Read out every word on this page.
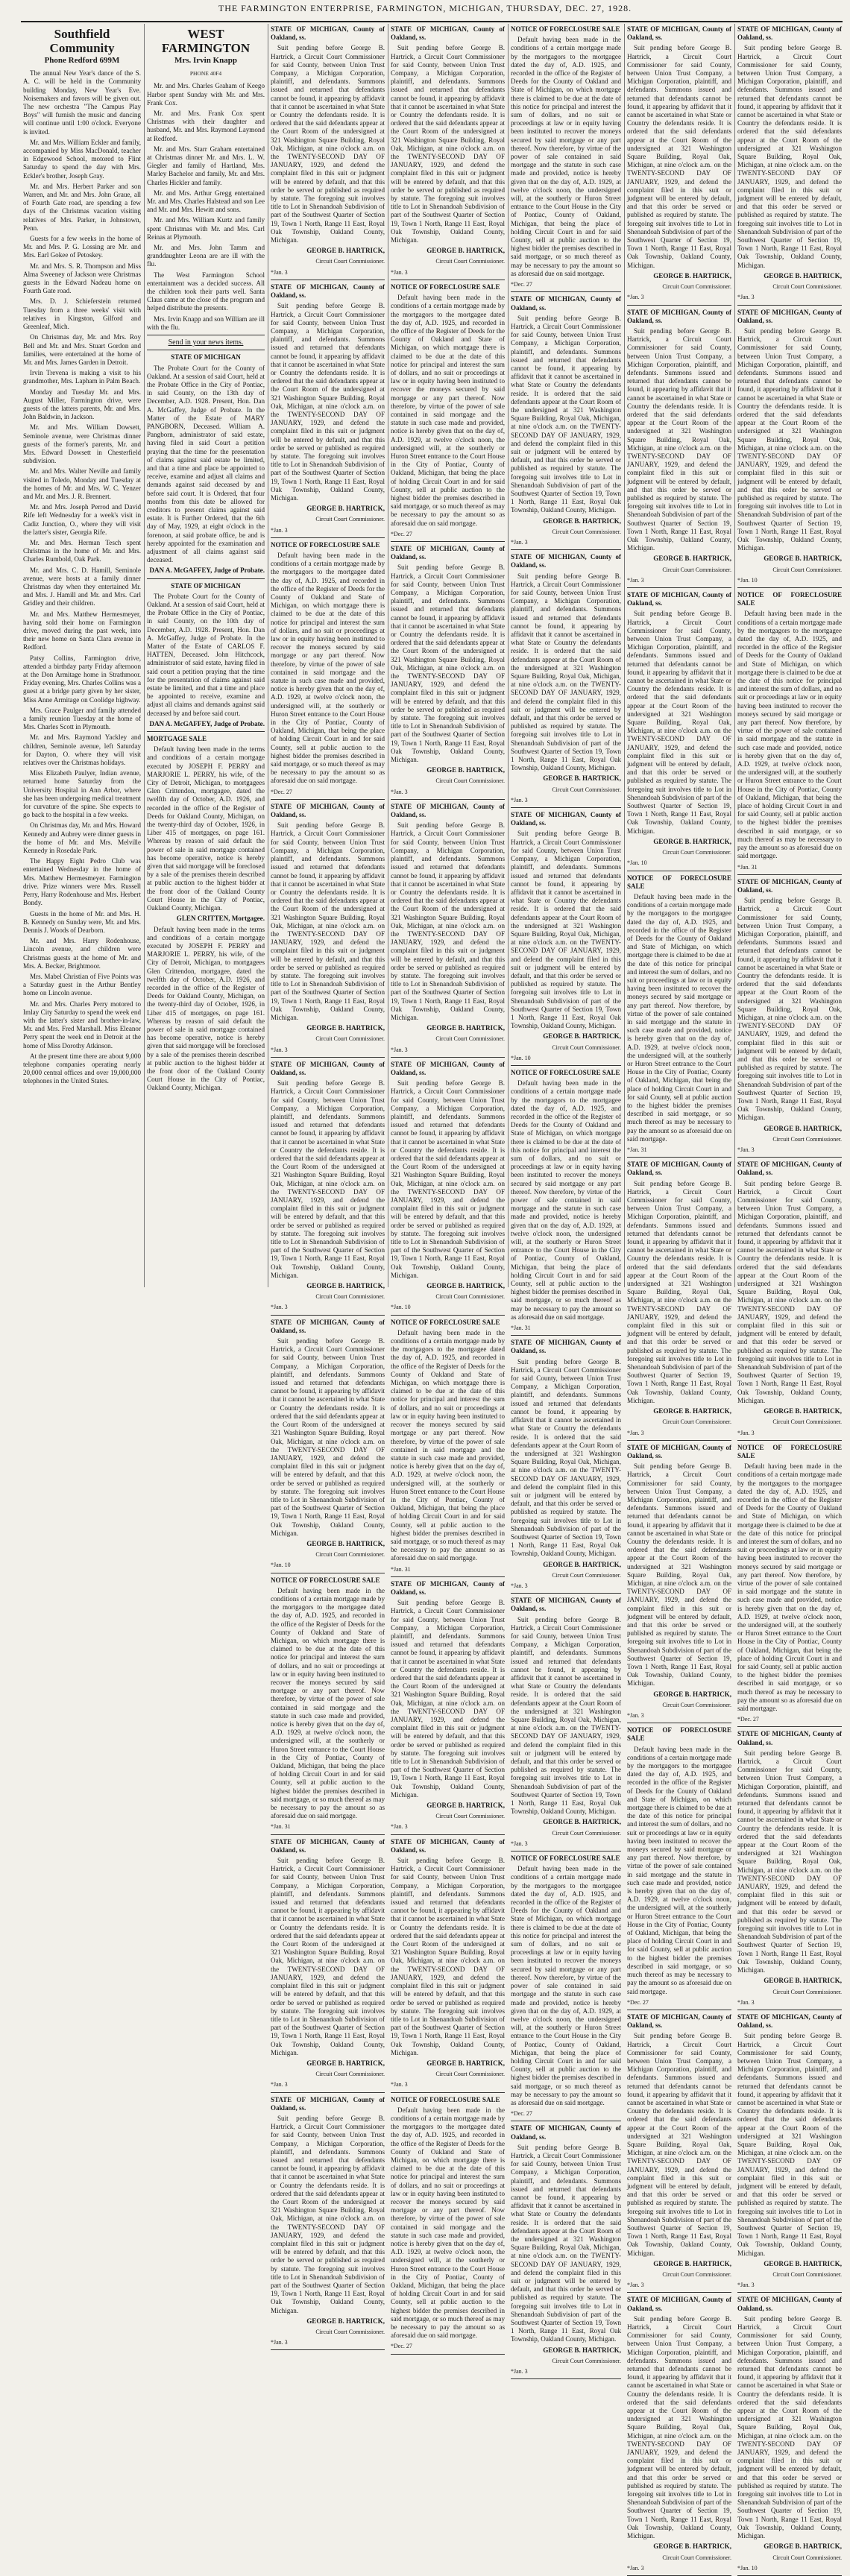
THE FARMINGTON ENTERPRISE, FARMINGTON, MICHIGAN, THURSDAY, DEC. 27, 1928.
Southfield Community
Phone Redford 699M

The annual New Year's dance of the S. A. C. will be held in the Community building Monday, New Year's Eve. Noisemakers and favors will be given out. The new orchestra "The Campus Play Boys" will furnish the music and dancing will continue until 1:00 o'clock. Everyone is invited.

Mr. and Mrs. William Eckler and family, accompanied by Miss MacDonald, teacher in Edgewood School, motored to Flint Saturday to spend the day with Mrs. Eckler's brother, Joseph Gray.

Mr. and Mrs. Herbert Parker and son Warren, and Mr. and Mrs. John Graue, all of Fourth Gate road, are spending a few days of the Christmas vacation visiting relatives of Mrs. Parker, in Johnstown, Penn.

Guests for a few weeks in the home of Mr. and Mrs. P. G. Lossing are Mr. and Mrs. Earl Gokee of Petoskey.

Mr. and Mrs. S. R. Thompson and Miss Alma Sweeney of Jackson were Christmas guests in the Edward Nadeau home on Fourth Gate road.

Mrs. D. J. Schieferstein returned Tuesday from a three weeks' visit with relatives in Kingston, Gilford and Greenleaf, Mich.

On Christmas day, Mr. and Mrs. Roy Bell and Mr. and Mrs. Stuart Gordon and families, were entertained at the home of Mr. and Mrs. James Garden in Detroit.

Irvin Trevena is making a visit to his grandmother, Mrs. Lapham in Palm Beach.

Monday and Tuesday Mr. and Mrs. August Miller, Farmington drive, were guests of the latters parents, Mr. and Mrs. John Baldwin, in Jackson.

Mr. and Mrs. William Dowsett, Seminole avenue, were Christmas dinner guests of the former's parents, Mr. and Mrs. Edward Dowsett in Chesterfield subdivision.

Mr. and Mrs. Walter Neville and family visited in Toledo, Monday and Tuesday at the homes of Mr. and Mrs. W. C. Yenzer and Mr. and Mrs. J. R. Brennert.

Mr. and Mrs. Joseph Perrod and David Rife left Wednesday for a week's visit in Cadiz Junction, O., where they will visit the latter's sister, Georgia Rife.

Mr. and Mrs. Herman Tesch spent Christmas in the home of Mr. and Mrs. Charles Rumbold, Oak Park.

Mr. and Mrs. C. D. Hamill, Seminole avenue, were hosts at a family dinner Christmas day when they entertained Mr. and Mrs. J. Hamill and Mr. and Mrs. Carl Gridley and their children.

Mr. and Mrs. Matthew Hermesmeyer, having sold their home on Farmington drive, moved during the past week, into their new home on Santa Clara avenue in Redford.

Patsy Collins, Farmington drive, attended a birthday party Friday afternoon at the Don Armitage home in Strathmoor. Friday evening, Mrs. Charles Collins was a guest at a bridge party given by her sister, Miss Anne Armitage on Coolidge highway.

Mrs. Grace Paulger and family attended a family reunion Tuesday at the home of Mrs. Charles Scott in Plymouth.

Mr. and Mrs. Raymond Yackley and children, Seminole avenue, left Saturday for Dayton, O. where they will visit relatives over the Christmas holidays.

Miss Elizabeth Paulyer, Indian avenue, returned home Saturday from the University Hospital in Ann Arbor, where she has been undergoing medical treatment for curvature of the spine. She expects to go back to the hospital in a few weeks.

On Christmas day, Mr. and Mrs. Howard Kennedy and Aubrey were dinner guests in the home of Mr. and Mrs. Melville Kennedy in Rosedale Park.

The Happy Eight Pedro Club was entertained Wednesday in the home of Mrs. Matthew Hermesmeyer. Farmington drive. Prize winners were Mrs. Russell Perry, Harry Rodenhouse and Mrs. Herbert Bondy.

Guests in the home of Mr. and Mrs. H. B. Kennedy on Sunday were, Mr. and Mrs. Dennis J. Woods of Dearborn.

Mr. and Mrs. Harry Rodenhouse, Lincoln avenue, and children were Christmas guests at the home of Mr. and Mrs. A. Becker, Brightmoor.

Mrs. Mabel Christian of Five Points was a Saturday guest in the Arthur Bentley home on Lincoln avenue.

Mr. and Mrs. Charles Perry motored to Imlay City Saturday to spend the week end with the latter's sister and brother-in-law, Mr. and Mrs. Fred Marshall. Miss Eleanor Perry spent the week end in Detroit at the home of Miss Dorothy Atkinson.

At the present time there are about 9,000 telephone companies operating nearly 20,000 central offices and over 19,000,000 telephones in the United States.

WEST FARMINGTON
Mrs. Irvin Knapp
PHONE 40F4

Mr. and Mrs. Charles Graham of Keego Harbor spent Sunday with Mr. and Mrs. Frank Cox.

Mr. and Mrs. Frank Cox spent Christmas with their daughter and husband, Mr. and Mrs. Raymond Laymond at Redford.

Mr. and Mrs. Starr Graham entertained at Christmas dinner Mr. and Mrs. L. W. Giegler and family of Hartland, Mrs. Marley Bachelor and family, Mr. and Mrs. Charles Hickler and family.

Mr. and Mrs. Arthur Gregg entertained Mr. and Mrs. Charles Halstead and son Lee and Mr. and Mrs. Hewitt and sons.

Mr. and Mrs. William Kurtz and family spent Christmas with Mr. and Mrs. Carl Reinas at Plymouth.

Mr. and Mrs. John Tamm and granddaughter Leona are are ill with the flu.

The West Farmington School entertainment was a decided success. All the children took their parts well. Santa Claus came at the close of the program and helped distribute the presents.

Mrs. Irvin Knapp and son William are ill with the flu.

Send in your news items.

STATE OF MICHIGAN

The Probate Court for the County of Oakland. At a session of said Court, held at the Probate Office in the City of Pontiac, in said County, on the 13th day of December, A.D. 1928. Present, Hon. Dan A. McGaffey, Judge of Probate. In the Matter of the Estate of MARY PANGBORN, Deceased. William A. Pangborn, administrator of said estate, having filed in said Court a petition praying that the time for the presentation of claims against said estate be limited, and that a time and place be appointed to receive, examine and adjust all claims and demands against said deceased by and before said court. It is Ordered, that four months from this date be allowed for creditors to present claims against said estate. It is Further Ordered, that the 6th day of May, 1929, at eight o'clock in the forenoon, at said probate office, be and is hereby appointed for the examination and adjustment of all claims against said deceased.

DAN A. McGAFFEY, Judge of Probate.

STATE OF MICHIGAN

The Probate Court for the County of Oakland. At a session of said Court, held at the Probate Office in the City of Pontiac, in said County, on the 10th day of December, A.D. 1928. Present, Hon. Dan A. McGaffey, Judge of Probate. In the Matter of the Estate of CARLOS F. HATTEN, Deceased. John Hitchcock, administrator of said estate, having filed in said court a petition praying that the time for the presentation of claims against said estate be limited, and that a time and place be appointed to receive, examine and adjust all claims and demands against said deceased by and before said court.

DAN A. McGAFFEY, Judge of Probate.

MORTGAGE SALE

Default having been made in the terms and conditions of a certain mortgage executed by JOSEPH F. PERRY and MARJORIE L. PERRY, his wife, of the City of Detroit, Michigan, to mortgagees Glen Crittendon, mortgagee, dated the twelfth day of October, A.D. 1926, and recorded in the office of the Register of Deeds for Oakland County, Michigan, on the twenty-third day of October, 1926, in Liber 415 of mortgages, on page 161. Whereas by reason of said default the power of sale in said mortgage contained has become operative, notice is hereby given that said mortgage will be foreclosed by a sale of the premises therein described at public auction to the highest bidder at the front door of the Oakland County Court House in the City of Pontiac, Oakland County, Michigan.

GLEN CRITTEN, Mortgagee.

Default having been made in the terms and conditions of a certain mortgage executed by JOSEPH F. PERRY and MARJORIE L. PERRY, his wife, of the City of Detroit, Michigan, to mortgagees Glen Crittendon, mortgagee, dated the twelfth day of October, A.D. 1926, and recorded in the office of the Register of Deeds for Oakland County, Michigan, on the twenty-third day of October, 1926, in Liber 415 of mortgages, on page 161. Whereas by reason of said default the power of sale in said mortgage contained has become operative, notice is hereby given that said mortgage will be foreclosed by a sale of the premises therein described at public auction to the highest bidder at the front door of the Oakland County Court House in the City of Pontiac, Oakland County, Michigan.

STATE OF MICHIGAN, County of Oakland, ss.

Suit pending before George B. Hartrick, a Circuit Court Commissioner for said County, between Union Trust Company, a Michigan Corporation, plaintiff, and defendants. Summons issued and returned that defendants cannot be found, it appearing by affidavit that it cannot be ascertained in what State or Country the defendants reside. It is ordered that the said defendants appear at the Court Room of the undersigned at 321 Washington Square Building, Royal Oak, Michigan, at nine o'clock a.m. on the TWENTY-SECOND DAY OF JANUARY, 1929, and defend the complaint filed in this suit or judgment will be entered by default, and that this order be served or published as required by statute. The foregoing suit involves title to Lot in Shenandoah Subdivision of part of the Southwest Quarter of Section 19, Town 1 North, Range 11 East, Royal Oak Township, Oakland County, Michigan.

GEORGE B. HARTRICK,

Circuit Court Commissioner.

*Jan. 3

STATE OF MICHIGAN, County of Oakland, ss.

Suit pending before George B. Hartrick, a Circuit Court Commissioner for said County, between Union Trust Company, a Michigan Corporation, plaintiff, and defendants. Summons issued and returned that defendants cannot be found, it appearing by affidavit that it cannot be ascertained in what State or Country the defendants reside. It is ordered that the said defendants appear at the Court Room of the undersigned at 321 Washington Square Building, Royal Oak, Michigan, at nine o'clock a.m. on the TWENTY-SECOND DAY OF JANUARY, 1929, and defend the complaint filed in this suit or judgment will be entered by default, and that this order be served or published as required by statute. The foregoing suit involves title to Lot in Shenandoah Subdivision of part of the Southwest Quarter of Section 19, Town 1 North, Range 11 East, Royal Oak Township, Oakland County, Michigan.

GEORGE B. HARTRICK,

Circuit Court Commissioner.

*Jan. 3

NOTICE OF FORECLOSURE SALE

Default having been made in the conditions of a certain mortgage made by the mortgagors to the mortgagee dated the day of, A.D. 1925, and recorded in the office of the Register of Deeds for the County of Oakland and State of Michigan, on which mortgage there is claimed to be due at the date of this notice for principal and interest the sum of dollars, and no suit or proceedings at law or in equity having been instituted to recover the moneys secured by said mortgage or any part thereof. Now therefore, by virtue of the power of sale contained in said mortgage and the statute in such case made and provided, notice is hereby given that on the day of, A.D. 1929, at twelve o'clock noon, the undersigned will, at the southerly or Huron Street entrance to the Court House in the City of Pontiac, County of Oakland, Michigan, that being the place of holding Circuit Court in and for said County, sell at public auction to the highest bidder the premises described in said mortgage, or so much thereof as may be necessary to pay the amount so as aforesaid due on said mortgage.

*Dec. 27

STATE OF MICHIGAN, County of Oakland, ss.

Suit pending before George B. Hartrick, a Circuit Court Commissioner for said County, between Union Trust Company, a Michigan Corporation, plaintiff, and defendants. Summons issued and returned that defendants cannot be found, it appearing by affidavit that it cannot be ascertained in what State or Country the defendants reside. It is ordered that the said defendants appear at the Court Room of the undersigned at 321 Washington Square Building, Royal Oak, Michigan, at nine o'clock a.m. on the TWENTY-SECOND DAY OF JANUARY, 1929, and defend the complaint filed in this suit or judgment will be entered by default, and that this order be served or published as required by statute. The foregoing suit involves title to Lot in Shenandoah Subdivision of part of the Southwest Quarter of Section 19, Town 1 North, Range 11 East, Royal Oak Township, Oakland County, Michigan.

GEORGE B. HARTRICK,

Circuit Court Commissioner.

*Jan. 3

STATE OF MICHIGAN, County of Oakland, ss.

Suit pending before George B. Hartrick, a Circuit Court Commissioner for said County, between Union Trust Company, a Michigan Corporation, plaintiff, and defendants. Summons issued and returned that defendants cannot be found, it appearing by affidavit that it cannot be ascertained in what State or Country the defendants reside. It is ordered that the said defendants appear at the Court Room of the undersigned at 321 Washington Square Building, Royal Oak, Michigan, at nine o'clock a.m. on the TWENTY-SECOND DAY OF JANUARY, 1929, and defend the complaint filed in this suit or judgment will be entered by default, and that this order be served or published as required by statute. The foregoing suit involves title to Lot in Shenandoah Subdivision of part of the Southwest Quarter of Section 19, Town 1 North, Range 11 East, Royal Oak Township, Oakland County, Michigan.

GEORGE B. HARTRICK,

Circuit Court Commissioner.

*Jan. 3

STATE OF MICHIGAN, County of Oakland, ss.

Suit pending before George B. Hartrick, a Circuit Court Commissioner for said County, between Union Trust Company, a Michigan Corporation, plaintiff, and defendants. Summons issued and returned that defendants cannot be found, it appearing by affidavit that it cannot be ascertained in what State or Country the defendants reside. It is ordered that the said defendants appear at the Court Room of the undersigned at 321 Washington Square Building, Royal Oak, Michigan, at nine o'clock a.m. on the TWENTY-SECOND DAY OF JANUARY, 1929, and defend the complaint filed in this suit or judgment will be entered by default, and that this order be served or published as required by statute. The foregoing suit involves title to Lot in Shenandoah Subdivision of part of the Southwest Quarter of Section 19, Town 1 North, Range 11 East, Royal Oak Township, Oakland County, Michigan.

GEORGE B. HARTRICK,

Circuit Court Commissioner.

*Jan. 10

NOTICE OF FORECLOSURE SALE

Default having been made in the conditions of a certain mortgage made by the mortgagors to the mortgagee dated the day of, A.D. 1925, and recorded in the office of the Register of Deeds for the County of Oakland and State of Michigan, on which mortgage there is claimed to be due at the date of this notice for principal and interest the sum of dollars, and no suit or proceedings at law or in equity having been instituted to recover the moneys secured by said mortgage or any part thereof. Now therefore, by virtue of the power of sale contained in said mortgage and the statute in such case made and provided, notice is hereby given that on the day of, A.D. 1929, at twelve o'clock noon, the undersigned will, at the southerly or Huron Street entrance to the Court House in the City of Pontiac, County of Oakland, Michigan, that being the place of holding Circuit Court in and for said County, sell at public auction to the highest bidder the premises described in said mortgage, or so much thereof as may be necessary to pay the amount so as aforesaid due on said mortgage.

*Jan. 31

STATE OF MICHIGAN, County of Oakland, ss.

Suit pending before George B. Hartrick, a Circuit Court Commissioner for said County, between Union Trust Company, a Michigan Corporation, plaintiff, and defendants. Summons issued and returned that defendants cannot be found, it appearing by affidavit that it cannot be ascertained in what State or Country the defendants reside. It is ordered that the said defendants appear at the Court Room of the undersigned at 321 Washington Square Building, Royal Oak, Michigan, at nine o'clock a.m. on the TWENTY-SECOND DAY OF JANUARY, 1929, and defend the complaint filed in this suit or judgment will be entered by default, and that this order be served or published as required by statute. The foregoing suit involves title to Lot in Shenandoah Subdivision of part of the Southwest Quarter of Section 19, Town 1 North, Range 11 East, Royal Oak Township, Oakland County, Michigan.

GEORGE B. HARTRICK,

Circuit Court Commissioner.

*Jan. 3

STATE OF MICHIGAN, County of Oakland, ss.

Suit pending before George B. Hartrick, a Circuit Court Commissioner for said County, between Union Trust Company, a Michigan Corporation, plaintiff, and defendants. Summons issued and returned that defendants cannot be found, it appearing by affidavit that it cannot be ascertained in what State or Country the defendants reside. It is ordered that the said defendants appear at the Court Room of the undersigned at 321 Washington Square Building, Royal Oak, Michigan, at nine o'clock a.m. on the TWENTY-SECOND DAY OF JANUARY, 1929, and defend the complaint filed in this suit or judgment will be entered by default, and that this order be served or published as required by statute. The foregoing suit involves title to Lot in Shenandoah Subdivision of part of the Southwest Quarter of Section 19, Town 1 North, Range 11 East, Royal Oak Township, Oakland County, Michigan.

GEORGE B. HARTRICK,

Circuit Court Commissioner.

*Jan. 3

STATE OF MICHIGAN, County of Oakland, ss.

Suit pending before George B. Hartrick, a Circuit Court Commissioner for said County, between Union Trust Company, a Michigan Corporation, plaintiff, and defendants. Summons issued and returned that defendants cannot be found, it appearing by affidavit that it cannot be ascertained in what State or Country the defendants reside. It is ordered that the said defendants appear at the Court Room of the undersigned at 321 Washington Square Building, Royal Oak, Michigan, at nine o'clock a.m. on the TWENTY-SECOND DAY OF JANUARY, 1929, and defend the complaint filed in this suit or judgment will be entered by default, and that this order be served or published as required by statute. The foregoing suit involves title to Lot in Shenandoah Subdivision of part of the Southwest Quarter of Section 19, Town 1 North, Range 11 East, Royal Oak Township, Oakland County, Michigan.

GEORGE B. HARTRICK,

Circuit Court Commissioner.

*Jan. 3

NOTICE OF FORECLOSURE SALE

Default having been made in the conditions of a certain mortgage made by the mortgagors to the mortgagee dated the day of, A.D. 1925, and recorded in the office of the Register of Deeds for the County of Oakland and State of Michigan, on which mortgage there is claimed to be due at the date of this notice for principal and interest the sum of dollars, and no suit or proceedings at law or in equity having been instituted to recover the moneys secured by said mortgage or any part thereof. Now therefore, by virtue of the power of sale contained in said mortgage and the statute in such case made and provided, notice is hereby given that on the day of, A.D. 1929, at twelve o'clock noon, the undersigned will, at the southerly or Huron Street entrance to the Court House in the City of Pontiac, County of Oakland, Michigan, that being the place of holding Circuit Court in and for said County, sell at public auction to the highest bidder the premises described in said mortgage, or so much thereof as may be necessary to pay the amount so as aforesaid due on said mortgage.

*Dec. 27

STATE OF MICHIGAN, County of Oakland, ss.

Suit pending before George B. Hartrick, a Circuit Court Commissioner for said County, between Union Trust Company, a Michigan Corporation, plaintiff, and defendants. Summons issued and returned that defendants cannot be found, it appearing by affidavit that it cannot be ascertained in what State or Country the defendants reside. It is ordered that the said defendants appear at the Court Room of the undersigned at 321 Washington Square Building, Royal Oak, Michigan, at nine o'clock a.m. on the TWENTY-SECOND DAY OF JANUARY, 1929, and defend the complaint filed in this suit or judgment will be entered by default, and that this order be served or published as required by statute. The foregoing suit involves title to Lot in Shenandoah Subdivision of part of the Southwest Quarter of Section 19, Town 1 North, Range 11 East, Royal Oak Township, Oakland County, Michigan.

GEORGE B. HARTRICK,

Circuit Court Commissioner.

*Jan. 3

STATE OF MICHIGAN, County of Oakland, ss.

Suit pending before George B. Hartrick, a Circuit Court Commissioner for said County, between Union Trust Company, a Michigan Corporation, plaintiff, and defendants. Summons issued and returned that defendants cannot be found, it appearing by affidavit that it cannot be ascertained in what State or Country the defendants reside. It is ordered that the said defendants appear at the Court Room of the undersigned at 321 Washington Square Building, Royal Oak, Michigan, at nine o'clock a.m. on the TWENTY-SECOND DAY OF JANUARY, 1929, and defend the complaint filed in this suit or judgment will be entered by default, and that this order be served or published as required by statute. The foregoing suit involves title to Lot in Shenandoah Subdivision of part of the Southwest Quarter of Section 19, Town 1 North, Range 11 East, Royal Oak Township, Oakland County, Michigan.

GEORGE B. HARTRICK,

Circuit Court Commissioner.

*Jan. 3

STATE OF MICHIGAN, County of Oakland, ss.

Suit pending before George B. Hartrick, a Circuit Court Commissioner for said County, between Union Trust Company, a Michigan Corporation, plaintiff, and defendants. Summons issued and returned that defendants cannot be found, it appearing by affidavit that it cannot be ascertained in what State or Country the defendants reside. It is ordered that the said defendants appear at the Court Room of the undersigned at 321 Washington Square Building, Royal Oak, Michigan, at nine o'clock a.m. on the TWENTY-SECOND DAY OF JANUARY, 1929, and defend the complaint filed in this suit or judgment will be entered by default, and that this order be served or published as required by statute. The foregoing suit involves title to Lot in Shenandoah Subdivision of part of the Southwest Quarter of Section 19, Town 1 North, Range 11 East, Royal Oak Township, Oakland County, Michigan.

GEORGE B. HARTRICK,

Circuit Court Commissioner.

*Jan. 10

NOTICE OF FORECLOSURE SALE

Default having been made in the conditions of a certain mortgage made by the mortgagors to the mortgagee dated the day of, A.D. 1925, and recorded in the office of the Register of Deeds for the County of Oakland and State of Michigan, on which mortgage there is claimed to be due at the date of this notice for principal and interest the sum of dollars, and no suit or proceedings at law or in equity having been instituted to recover the moneys secured by said mortgage or any part thereof. Now therefore, by virtue of the power of sale contained in said mortgage and the statute in such case made and provided, notice is hereby given that on the day of, A.D. 1929, at twelve o'clock noon, the undersigned will, at the southerly or Huron Street entrance to the Court House in the City of Pontiac, County of Oakland, Michigan, that being the place of holding Circuit Court in and for said County, sell at public auction to the highest bidder the premises described in said mortgage, or so much thereof as may be necessary to pay the amount so as aforesaid due on said mortgage.

*Jan. 31

STATE OF MICHIGAN, County of Oakland, ss.

Suit pending before George B. Hartrick, a Circuit Court Commissioner for said County, between Union Trust Company, a Michigan Corporation, plaintiff, and defendants. Summons issued and returned that defendants cannot be found, it appearing by affidavit that it cannot be ascertained in what State or Country the defendants reside. It is ordered that the said defendants appear at the Court Room of the undersigned at 321 Washington Square Building, Royal Oak, Michigan, at nine o'clock a.m. on the TWENTY-SECOND DAY OF JANUARY, 1929, and defend the complaint filed in this suit or judgment will be entered by default, and that this order be served or published as required by statute. The foregoing suit involves title to Lot in Shenandoah Subdivision of part of the Southwest Quarter of Section 19, Town 1 North, Range 11 East, Royal Oak Township, Oakland County, Michigan.

GEORGE B. HARTRICK,

Circuit Court Commissioner.

*Jan. 3

STATE OF MICHIGAN, County of Oakland, ss.

Suit pending before George B. Hartrick, a Circuit Court Commissioner for said County, between Union Trust Company, a Michigan Corporation, plaintiff, and defendants. Summons issued and returned that defendants cannot be found, it appearing by affidavit that it cannot be ascertained in what State or Country the defendants reside. It is ordered that the said defendants appear at the Court Room of the undersigned at 321 Washington Square Building, Royal Oak, Michigan, at nine o'clock a.m. on the TWENTY-SECOND DAY OF JANUARY, 1929, and defend the complaint filed in this suit or judgment will be entered by default, and that this order be served or published as required by statute. The foregoing suit involves title to Lot in Shenandoah Subdivision of part of the Southwest Quarter of Section 19, Town 1 North, Range 11 East, Royal Oak Township, Oakland County, Michigan.

GEORGE B. HARTRICK,

Circuit Court Commissioner.

*Jan. 3

NOTICE OF FORECLOSURE SALE

Default having been made in the conditions of a certain mortgage made by the mortgagors to the mortgagee dated the day of, A.D. 1925, and recorded in the office of the Register of Deeds for the County of Oakland and State of Michigan, on which mortgage there is claimed to be due at the date of this notice for principal and interest the sum of dollars, and no suit or proceedings at law or in equity having been instituted to recover the moneys secured by said mortgage or any part thereof. Now therefore, by virtue of the power of sale contained in said mortgage and the statute in such case made and provided, notice is hereby given that on the day of, A.D. 1929, at twelve o'clock noon, the undersigned will, at the southerly or Huron Street entrance to the Court House in the City of Pontiac, County of Oakland, Michigan, that being the place of holding Circuit Court in and for said County, sell at public auction to the highest bidder the premises described in said mortgage, or so much thereof as may be necessary to pay the amount so as aforesaid due on said mortgage.

*Dec. 27

NOTICE OF FORECLOSURE SALE

Default having been made in the conditions of a certain mortgage made by the mortgagors to the mortgagee dated the day of, A.D. 1925, and recorded in the office of the Register of Deeds for the County of Oakland and State of Michigan, on which mortgage there is claimed to be due at the date of this notice for principal and interest the sum of dollars, and no suit or proceedings at law or in equity having been instituted to recover the moneys secured by said mortgage or any part thereof. Now therefore, by virtue of the power of sale contained in said mortgage and the statute in such case made and provided, notice is hereby given that on the day of, A.D. 1929, at twelve o'clock noon, the undersigned will, at the southerly or Huron Street entrance to the Court House in the City of Pontiac, County of Oakland, Michigan, that being the place of holding Circuit Court in and for said County, sell at public auction to the highest bidder the premises described in said mortgage, or so much thereof as may be necessary to pay the amount so as aforesaid due on said mortgage.

*Dec. 27

STATE OF MICHIGAN, County of Oakland, ss.

Suit pending before George B. Hartrick, a Circuit Court Commissioner for said County, between Union Trust Company, a Michigan Corporation, plaintiff, and defendants. Summons issued and returned that defendants cannot be found, it appearing by affidavit that it cannot be ascertained in what State or Country the defendants reside. It is ordered that the said defendants appear at the Court Room of the undersigned at 321 Washington Square Building, Royal Oak, Michigan, at nine o'clock a.m. on the TWENTY-SECOND DAY OF JANUARY, 1929, and defend the complaint filed in this suit or judgment will be entered by default, and that this order be served or published as required by statute. The foregoing suit involves title to Lot in Shenandoah Subdivision of part of the Southwest Quarter of Section 19, Town 1 North, Range 11 East, Royal Oak Township, Oakland County, Michigan.

GEORGE B. HARTRICK,

Circuit Court Commissioner.

*Jan. 3

STATE OF MICHIGAN, County of Oakland, ss.

Suit pending before George B. Hartrick, a Circuit Court Commissioner for said County, between Union Trust Company, a Michigan Corporation, plaintiff, and defendants. Summons issued and returned that defendants cannot be found, it appearing by affidavit that it cannot be ascertained in what State or Country the defendants reside. It is ordered that the said defendants appear at the Court Room of the undersigned at 321 Washington Square Building, Royal Oak, Michigan, at nine o'clock a.m. on the TWENTY-SECOND DAY OF JANUARY, 1929, and defend the complaint filed in this suit or judgment will be entered by default, and that this order be served or published as required by statute. The foregoing suit involves title to Lot in Shenandoah Subdivision of part of the Southwest Quarter of Section 19, Town 1 North, Range 11 East, Royal Oak Township, Oakland County, Michigan.

GEORGE B. HARTRICK,

Circuit Court Commissioner.

*Jan. 3

STATE OF MICHIGAN, County of Oakland, ss.

Suit pending before George B. Hartrick, a Circuit Court Commissioner for said County, between Union Trust Company, a Michigan Corporation, plaintiff, and defendants. Summons issued and returned that defendants cannot be found, it appearing by affidavit that it cannot be ascertained in what State or Country the defendants reside. It is ordered that the said defendants appear at the Court Room of the undersigned at 321 Washington Square Building, Royal Oak, Michigan, at nine o'clock a.m. on the TWENTY-SECOND DAY OF JANUARY, 1929, and defend the complaint filed in this suit or judgment will be entered by default, and that this order be served or published as required by statute. The foregoing suit involves title to Lot in Shenandoah Subdivision of part of the Southwest Quarter of Section 19, Town 1 North, Range 11 East, Royal Oak Township, Oakland County, Michigan.

GEORGE B. HARTRICK,

Circuit Court Commissioner.

*Jan. 10

NOTICE OF FORECLOSURE SALE

Default having been made in the conditions of a certain mortgage made by the mortgagors to the mortgagee dated the day of, A.D. 1925, and recorded in the office of the Register of Deeds for the County of Oakland and State of Michigan, on which mortgage there is claimed to be due at the date of this notice for principal and interest the sum of dollars, and no suit or proceedings at law or in equity having been instituted to recover the moneys secured by said mortgage or any part thereof. Now therefore, by virtue of the power of sale contained in said mortgage and the statute in such case made and provided, notice is hereby given that on the day of, A.D. 1929, at twelve o'clock noon, the undersigned will, at the southerly or Huron Street entrance to the Court House in the City of Pontiac, County of Oakland, Michigan, that being the place of holding Circuit Court in and for said County, sell at public auction to the highest bidder the premises described in said mortgage, or so much thereof as may be necessary to pay the amount so as aforesaid due on said mortgage.

*Jan. 31

STATE OF MICHIGAN, County of Oakland, ss.

Suit pending before George B. Hartrick, a Circuit Court Commissioner for said County, between Union Trust Company, a Michigan Corporation, plaintiff, and defendants. Summons issued and returned that defendants cannot be found, it appearing by affidavit that it cannot be ascertained in what State or Country the defendants reside. It is ordered that the said defendants appear at the Court Room of the undersigned at 321 Washington Square Building, Royal Oak, Michigan, at nine o'clock a.m. on the TWENTY-SECOND DAY OF JANUARY, 1929, and defend the complaint filed in this suit or judgment will be entered by default, and that this order be served or published as required by statute. The foregoing suit involves title to Lot in Shenandoah Subdivision of part of the Southwest Quarter of Section 19, Town 1 North, Range 11 East, Royal Oak Township, Oakland County, Michigan.

GEORGE B. HARTRICK,

Circuit Court Commissioner.

*Jan. 3

STATE OF MICHIGAN, County of Oakland, ss.

Suit pending before George B. Hartrick, a Circuit Court Commissioner for said County, between Union Trust Company, a Michigan Corporation, plaintiff, and defendants. Summons issued and returned that defendants cannot be found, it appearing by affidavit that it cannot be ascertained in what State or Country the defendants reside. It is ordered that the said defendants appear at the Court Room of the undersigned at 321 Washington Square Building, Royal Oak, Michigan, at nine o'clock a.m. on the TWENTY-SECOND DAY OF JANUARY, 1929, and defend the complaint filed in this suit or judgment will be entered by default, and that this order be served or published as required by statute. The foregoing suit involves title to Lot in Shenandoah Subdivision of part of the Southwest Quarter of Section 19, Town 1 North, Range 11 East, Royal Oak Township, Oakland County, Michigan.

GEORGE B. HARTRICK,

Circuit Court Commissioner.

*Jan. 3

NOTICE OF FORECLOSURE SALE

Default having been made in the conditions of a certain mortgage made by the mortgagors to the mortgagee dated the day of, A.D. 1925, and recorded in the office of the Register of Deeds for the County of Oakland and State of Michigan, on which mortgage there is claimed to be due at the date of this notice for principal and interest the sum of dollars, and no suit or proceedings at law or in equity having been instituted to recover the moneys secured by said mortgage or any part thereof. Now therefore, by virtue of the power of sale contained in said mortgage and the statute in such case made and provided, notice is hereby given that on the day of, A.D. 1929, at twelve o'clock noon, the undersigned will, at the southerly or Huron Street entrance to the Court House in the City of Pontiac, County of Oakland, Michigan, that being the place of holding Circuit Court in and for said County, sell at public auction to the highest bidder the premises described in said mortgage, or so much thereof as may be necessary to pay the amount so as aforesaid due on said mortgage.

*Dec. 27

STATE OF MICHIGAN, County of Oakland, ss.

Suit pending before George B. Hartrick, a Circuit Court Commissioner for said County, between Union Trust Company, a Michigan Corporation, plaintiff, and defendants. Summons issued and returned that defendants cannot be found, it appearing by affidavit that it cannot be ascertained in what State or Country the defendants reside. It is ordered that the said defendants appear at the Court Room of the undersigned at 321 Washington Square Building, Royal Oak, Michigan, at nine o'clock a.m. on the TWENTY-SECOND DAY OF JANUARY, 1929, and defend the complaint filed in this suit or judgment will be entered by default, and that this order be served or published as required by statute. The foregoing suit involves title to Lot in Shenandoah Subdivision of part of the Southwest Quarter of Section 19, Town 1 North, Range 11 East, Royal Oak Township, Oakland County, Michigan.

GEORGE B. HARTRICK,

Circuit Court Commissioner.

*Jan. 3

STATE OF MICHIGAN, County of Oakland, ss.

Suit pending before George B. Hartrick, a Circuit Court Commissioner for said County, between Union Trust Company, a Michigan Corporation, plaintiff, and defendants. Summons issued and returned that defendants cannot be found, it appearing by affidavit that it cannot be ascertained in what State or Country the defendants reside. It is ordered that the said defendants appear at the Court Room of the undersigned at 321 Washington Square Building, Royal Oak, Michigan, at nine o'clock a.m. on the TWENTY-SECOND DAY OF JANUARY, 1929, and defend the complaint filed in this suit or judgment will be entered by default, and that this order be served or published as required by statute. The foregoing suit involves title to Lot in Shenandoah Subdivision of part of the Southwest Quarter of Section 19, Town 1 North, Range 11 East, Royal Oak Township, Oakland County, Michigan.

GEORGE B. HARTRICK,

Circuit Court Commissioner.

*Jan. 3

STATE OF MICHIGAN, County of Oakland, ss.

Suit pending before George B. Hartrick, a Circuit Court Commissioner for said County, between Union Trust Company, a Michigan Corporation, plaintiff, and defendants. Summons issued and returned that defendants cannot be found, it appearing by affidavit that it cannot be ascertained in what State or Country the defendants reside. It is ordered that the said defendants appear at the Court Room of the undersigned at 321 Washington Square Building, Royal Oak, Michigan, at nine o'clock a.m. on the TWENTY-SECOND DAY OF JANUARY, 1929, and defend the complaint filed in this suit or judgment will be entered by default, and that this order be served or published as required by statute. The foregoing suit involves title to Lot in Shenandoah Subdivision of part of the Southwest Quarter of Section 19, Town 1 North, Range 11 East, Royal Oak Township, Oakland County, Michigan.

GEORGE B. HARTRICK,

Circuit Court Commissioner.

*Jan. 3

STATE OF MICHIGAN, County of Oakland, ss.

Suit pending before George B. Hartrick, a Circuit Court Commissioner for said County, between Union Trust Company, a Michigan Corporation, plaintiff, and defendants. Summons issued and returned that defendants cannot be found, it appearing by affidavit that it cannot be ascertained in what State or Country the defendants reside. It is ordered that the said defendants appear at the Court Room of the undersigned at 321 Washington Square Building, Royal Oak, Michigan, at nine o'clock a.m. on the TWENTY-SECOND DAY OF JANUARY, 1929, and defend the complaint filed in this suit or judgment will be entered by default, and that this order be served or published as required by statute. The foregoing suit involves title to Lot in Shenandoah Subdivision of part of the Southwest Quarter of Section 19, Town 1 North, Range 11 East, Royal Oak Township, Oakland County, Michigan.

GEORGE B. HARTRICK,

Circuit Court Commissioner.

*Jan. 10

NOTICE OF FORECLOSURE SALE

Default having been made in the conditions of a certain mortgage made by the mortgagors to the mortgagee dated the day of, A.D. 1925, and recorded in the office of the Register of Deeds for the County of Oakland and State of Michigan, on which mortgage there is claimed to be due at the date of this notice for principal and interest the sum of dollars, and no suit or proceedings at law or in equity having been instituted to recover the moneys secured by said mortgage or any part thereof. Now therefore, by virtue of the power of sale contained in said mortgage and the statute in such case made and provided, notice is hereby given that on the day of, A.D. 1929, at twelve o'clock noon, the undersigned will, at the southerly or Huron Street entrance to the Court House in the City of Pontiac, County of Oakland, Michigan, that being the place of holding Circuit Court in and for said County, sell at public auction to the highest bidder the premises described in said mortgage, or so much thereof as may be necessary to pay the amount so as aforesaid due on said mortgage.

*Jan. 31

STATE OF MICHIGAN, County of Oakland, ss.

Suit pending before George B. Hartrick, a Circuit Court Commissioner for said County, between Union Trust Company, a Michigan Corporation, plaintiff, and defendants. Summons issued and returned that defendants cannot be found, it appearing by affidavit that it cannot be ascertained in what State or Country the defendants reside. It is ordered that the said defendants appear at the Court Room of the undersigned at 321 Washington Square Building, Royal Oak, Michigan, at nine o'clock a.m. on the TWENTY-SECOND DAY OF JANUARY, 1929, and defend the complaint filed in this suit or judgment will be entered by default, and that this order be served or published as required by statute. The foregoing suit involves title to Lot in Shenandoah Subdivision of part of the Southwest Quarter of Section 19, Town 1 North, Range 11 East, Royal Oak Township, Oakland County, Michigan.

GEORGE B. HARTRICK,

Circuit Court Commissioner.

*Jan. 3

STATE OF MICHIGAN, County of Oakland, ss.

Suit pending before George B. Hartrick, a Circuit Court Commissioner for said County, between Union Trust Company, a Michigan Corporation, plaintiff, and defendants. Summons issued and returned that defendants cannot be found, it appearing by affidavit that it cannot be ascertained in what State or Country the defendants reside. It is ordered that the said defendants appear at the Court Room of the undersigned at 321 Washington Square Building, Royal Oak, Michigan, at nine o'clock a.m. on the TWENTY-SECOND DAY OF JANUARY, 1929, and defend the complaint filed in this suit or judgment will be entered by default, and that this order be served or published as required by statute. The foregoing suit involves title to Lot in Shenandoah Subdivision of part of the Southwest Quarter of Section 19, Town 1 North, Range 11 East, Royal Oak Township, Oakland County, Michigan.

GEORGE B. HARTRICK,

Circuit Court Commissioner.

*Jan. 3

NOTICE OF FORECLOSURE SALE

Default having been made in the conditions of a certain mortgage made by the mortgagors to the mortgagee dated the day of, A.D. 1925, and recorded in the office of the Register of Deeds for the County of Oakland and State of Michigan, on which mortgage there is claimed to be due at the date of this notice for principal and interest the sum of dollars, and no suit or proceedings at law or in equity having been instituted to recover the moneys secured by said mortgage or any part thereof. Now therefore, by virtue of the power of sale contained in said mortgage and the statute in such case made and provided, notice is hereby given that on the day of, A.D. 1929, at twelve o'clock noon, the undersigned will, at the southerly or Huron Street entrance to the Court House in the City of Pontiac, County of Oakland, Michigan, that being the place of holding Circuit Court in and for said County, sell at public auction to the highest bidder the premises described in said mortgage, or so much thereof as may be necessary to pay the amount so as aforesaid due on said mortgage.

*Dec. 27

STATE OF MICHIGAN, County of Oakland, ss.

Suit pending before George B. Hartrick, a Circuit Court Commissioner for said County, between Union Trust Company, a Michigan Corporation, plaintiff, and defendants. Summons issued and returned that defendants cannot be found, it appearing by affidavit that it cannot be ascertained in what State or Country the defendants reside. It is ordered that the said defendants appear at the Court Room of the undersigned at 321 Washington Square Building, Royal Oak, Michigan, at nine o'clock a.m. on the TWENTY-SECOND DAY OF JANUARY, 1929, and defend the complaint filed in this suit or judgment will be entered by default, and that this order be served or published as required by statute. The foregoing suit involves title to Lot in Shenandoah Subdivision of part of the Southwest Quarter of Section 19, Town 1 North, Range 11 East, Royal Oak Township, Oakland County, Michigan.

GEORGE B. HARTRICK,

Circuit Court Commissioner.

*Jan. 3

STATE OF MICHIGAN, County of Oakland, ss.

Suit pending before George B. Hartrick, a Circuit Court Commissioner for said County, between Union Trust Company, a Michigan Corporation, plaintiff, and defendants. Summons issued and returned that defendants cannot be found, it appearing by affidavit that it cannot be ascertained in what State or Country the defendants reside. It is ordered that the said defendants appear at the Court Room of the undersigned at 321 Washington Square Building, Royal Oak, Michigan, at nine o'clock a.m. on the TWENTY-SECOND DAY OF JANUARY, 1929, and defend the complaint filed in this suit or judgment will be entered by default, and that this order be served or published as required by statute. The foregoing suit involves title to Lot in Shenandoah Subdivision of part of the Southwest Quarter of Section 19, Town 1 North, Range 11 East, Royal Oak Township, Oakland County, Michigan.

GEORGE B. HARTRICK,

Circuit Court Commissioner.

*Jan. 3

STATE OF MICHIGAN, County of Oakland, ss.

Suit pending before George B. Hartrick, a Circuit Court Commissioner for said County, between Union Trust Company, a Michigan Corporation, plaintiff, and defendants. Summons issued and returned that defendants cannot be found, it appearing by affidavit that it cannot be ascertained in what State or Country the defendants reside. It is ordered that the said defendants appear at the Court Room of the undersigned at 321 Washington Square Building, Royal Oak, Michigan, at nine o'clock a.m. on the TWENTY-SECOND DAY OF JANUARY, 1929, and defend the complaint filed in this suit or judgment will be entered by default, and that this order be served or published as required by statute. The foregoing suit involves title to Lot in Shenandoah Subdivision of part of the Southwest Quarter of Section 19, Town 1 North, Range 11 East, Royal Oak Township, Oakland County, Michigan.

GEORGE B. HARTRICK,

Circuit Court Commissioner.

*Jan. 3

STATE OF MICHIGAN, County of Oakland, ss.

Suit pending before George B. Hartrick, a Circuit Court Commissioner for said County, between Union Trust Company, a Michigan Corporation, plaintiff, and defendants. Summons issued and returned that defendants cannot be found, it appearing by affidavit that it cannot be ascertained in what State or Country the defendants reside. It is ordered that the said defendants appear at the Court Room of the undersigned at 321 Washington Square Building, Royal Oak, Michigan, at nine o'clock a.m. on the TWENTY-SECOND DAY OF JANUARY, 1929, and defend the complaint filed in this suit or judgment will be entered by default, and that this order be served or published as required by statute. The foregoing suit involves title to Lot in Shenandoah Subdivision of part of the Southwest Quarter of Section 19, Town 1 North, Range 11 East, Royal Oak Township, Oakland County, Michigan.

GEORGE B. HARTRICK,

Circuit Court Commissioner.

*Jan. 10

NOTICE OF FORECLOSURE SALE

Default having been made in the conditions of a certain mortgage made by the mortgagors to the mortgagee dated the day of, A.D. 1925, and recorded in the office of the Register of Deeds for the County of Oakland and State of Michigan, on which mortgage there is claimed to be due at the date of this notice for principal and interest the sum of dollars, and no suit or proceedings at law or in equity having been instituted to recover the moneys secured by said mortgage or any part thereof. Now therefore, by virtue of the power of sale contained in said mortgage and the statute in such case made and provided, notice is hereby given that on the day of, A.D. 1929, at twelve o'clock noon, the undersigned will, at the southerly or Huron Street entrance to the Court House in the City of Pontiac, County of Oakland, Michigan, that being the place of holding Circuit Court in and for said County, sell at public auction to the highest bidder the premises described in said mortgage, or so much thereof as may be necessary to pay the amount so as aforesaid due on said mortgage.

*Jan. 31

STATE OF MICHIGAN, County of Oakland, ss.

Suit pending before George B. Hartrick, a Circuit Court Commissioner for said County, between Union Trust Company, a Michigan Corporation, plaintiff, and defendants. Summons issued and returned that defendants cannot be found, it appearing by affidavit that it cannot be ascertained in what State or Country the defendants reside. It is ordered that the said defendants appear at the Court Room of the undersigned at 321 Washington Square Building, Royal Oak, Michigan, at nine o'clock a.m. on the TWENTY-SECOND DAY OF JANUARY, 1929, and defend the complaint filed in this suit or judgment will be entered by default, and that this order be served or published as required by statute. The foregoing suit involves title to Lot in Shenandoah Subdivision of part of the Southwest Quarter of Section 19, Town 1 North, Range 11 East, Royal Oak Township, Oakland County, Michigan.

GEORGE B. HARTRICK,

Circuit Court Commissioner.

*Jan. 3

STATE OF MICHIGAN, County of Oakland, ss.

Suit pending before George B. Hartrick, a Circuit Court Commissioner for said County, between Union Trust Company, a Michigan Corporation, plaintiff, and defendants. Summons issued and returned that defendants cannot be found, it appearing by affidavit that it cannot be ascertained in what State or Country the defendants reside. It is ordered that the said defendants appear at the Court Room of the undersigned at 321 Washington Square Building, Royal Oak, Michigan, at nine o'clock a.m. on the TWENTY-SECOND DAY OF JANUARY, 1929, and defend the complaint filed in this suit or judgment will be entered by default, and that this order be served or published as required by statute. The foregoing suit involves title to Lot in Shenandoah Subdivision of part of the Southwest Quarter of Section 19, Town 1 North, Range 11 East, Royal Oak Township, Oakland County, Michigan.

GEORGE B. HARTRICK,

Circuit Court Commissioner.

*Jan. 3

NOTICE OF FORECLOSURE SALE

Default having been made in the conditions of a certain mortgage made by the mortgagors to the mortgagee dated the day of, A.D. 1925, and recorded in the office of the Register of Deeds for the County of Oakland and State of Michigan, on which mortgage there is claimed to be due at the date of this notice for principal and interest the sum of dollars, and no suit or proceedings at law or in equity having been instituted to recover the moneys secured by said mortgage or any part thereof. Now therefore, by virtue of the power of sale contained in said mortgage and the statute in such case made and provided, notice is hereby given that on the day of, A.D. 1929, at twelve o'clock noon, the undersigned will, at the southerly or Huron Street entrance to the Court House in the City of Pontiac, County of Oakland, Michigan, that being the place of holding Circuit Court in and for said County, sell at public auction to the highest bidder the premises described in said mortgage, or so much thereof as may be necessary to pay the amount so as aforesaid due on said mortgage.

*Dec. 27

STATE OF MICHIGAN, County of Oakland, ss.

Suit pending before George B. Hartrick, a Circuit Court Commissioner for said County, between Union Trust Company, a Michigan Corporation, plaintiff, and defendants. Summons issued and returned that defendants cannot be found, it appearing by affidavit that it cannot be ascertained in what State or Country the defendants reside. It is ordered that the said defendants appear at the Court Room of the undersigned at 321 Washington Square Building, Royal Oak, Michigan, at nine o'clock a.m. on the TWENTY-SECOND DAY OF JANUARY, 1929, and defend the complaint filed in this suit or judgment will be entered by default, and that this order be served or published as required by statute. The foregoing suit involves title to Lot in Shenandoah Subdivision of part of the Southwest Quarter of Section 19, Town 1 North, Range 11 East, Royal Oak Township, Oakland County, Michigan.

GEORGE B. HARTRICK,

Circuit Court Commissioner.

*Jan. 3

STATE OF MICHIGAN, County of Oakland, ss.

Suit pending before George B. Hartrick, a Circuit Court Commissioner for said County, between Union Trust Company, a Michigan Corporation, plaintiff, and defendants. Summons issued and returned that defendants cannot be found, it appearing by affidavit that it cannot be ascertained in what State or Country the defendants reside. It is ordered that the said defendants appear at the Court Room of the undersigned at 321 Washington Square Building, Royal Oak, Michigan, at nine o'clock a.m. on the TWENTY-SECOND DAY OF JANUARY, 1929, and defend the complaint filed in this suit or judgment will be entered by default, and that this order be served or published as required by statute. The foregoing suit involves title to Lot in Shenandoah Subdivision of part of the Southwest Quarter of Section 19, Town 1 North, Range 11 East, Royal Oak Township, Oakland County, Michigan.

GEORGE B. HARTRICK,

Circuit Court Commissioner.

*Jan. 3

STATE OF MICHIGAN, County of Oakland, ss.

Suit pending before George B. Hartrick, a Circuit Court Commissioner for said County, between Union Trust Company, a Michigan Corporation, plaintiff, and defendants. Summons issued and returned that defendants cannot be found, it appearing by affidavit that it cannot be ascertained in what State or Country the defendants reside. It is ordered that the said defendants appear at the Court Room of the undersigned at 321 Washington Square Building, Royal Oak, Michigan, at nine o'clock a.m. on the TWENTY-SECOND DAY OF JANUARY, 1929, and defend the complaint filed in this suit or judgment will be entered by default, and that this order be served or published as required by statute. The foregoing suit involves title to Lot in Shenandoah Subdivision of part of the Southwest Quarter of Section 19, Town 1 North, Range 11 East, Royal Oak Township, Oakland County, Michigan.

GEORGE B. HARTRICK,

Circuit Court Commissioner.

*Jan. 10
